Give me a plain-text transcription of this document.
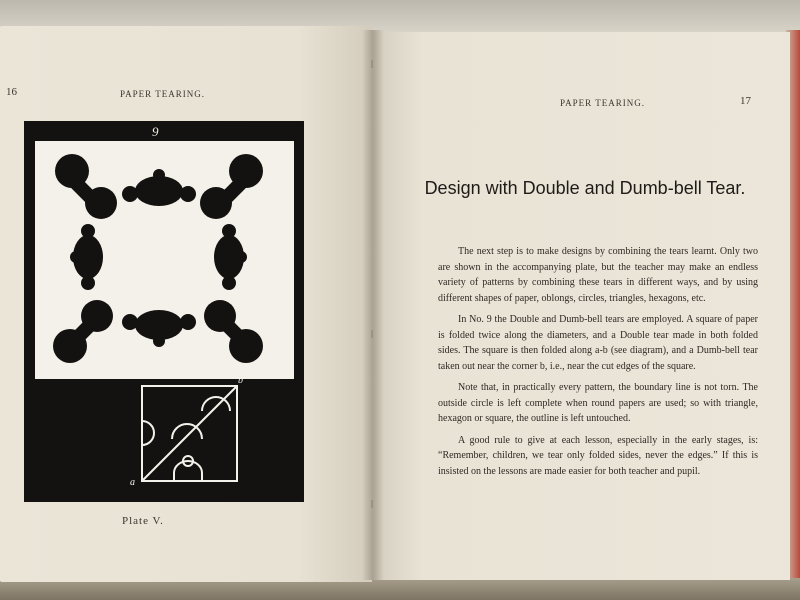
16	PAPER TEARING.
a
b
9
Plate V.
PAPER TEARING.	17
Design with Double and Dumb-bell Tear.

The next step is to make designs by combining the tears learnt. Only two are shown in the accompanying plate, but the teacher may make an endless variety of patterns by combining these tears in different ways, and by using different shapes of paper, oblongs, circles, triangles, hexagons, etc.

In No. 9 the Double and Dumb-bell tears are employed. A square of paper is folded twice along the diameters, and a Double tear made in both folded sides. The square is then folded along a-b (see diagram), and a Dumb-bell tear taken out near the corner b, i.e., near the cut edges of the square.

Note that, in practically every pattern, the boundary line is not torn. The outside circle is left complete when round papers are used; so with triangle, hexagon or square, the outline is left untouched.

A good rule to give at each lesson, especially in the early stages, is: “Remember, children, we tear only folded sides, never the edges.” If this is insisted on the lessons are made easier for both teacher and pupil.
